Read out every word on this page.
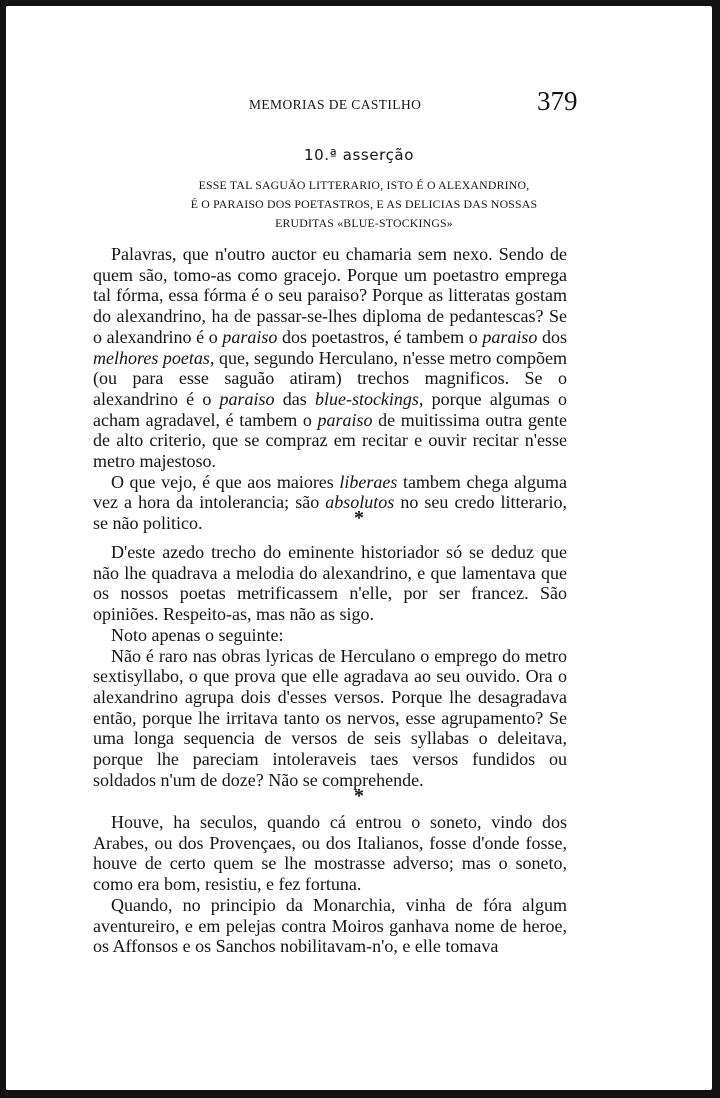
MEMORIAS DE CASTILHO	379
10.ª asserção
ESSE TAL SAGUÃO LITTERARIO, ISTO É O ALEXANDRINO,
É O PARAISO DOS POETASTROS, E AS DELICIAS DAS NOSSAS
ERUDITAS «BLUE-STOCKINGS»

Palavras, que n'outro auctor eu chamaria sem nexo. Sendo de quem são, tomo-as como gracejo. Porque um poetastro emprega tal fórma, essa fórma é o seu paraiso? Porque as litteratas gostam do alexandrino, ha de passar-se-lhes diploma de pedantescas? Se o alexandrino é o paraiso dos poetastros, é tambem o paraiso dos melhores poetas, que, segundo Herculano, n'esse metro compõem (ou para esse saguão atiram) trechos magnificos. Se o alexandrino é o paraiso das blue-stockings, porque algumas o acham agradavel, é tambem o paraiso de muitissima outra gente de alto criterio, que se compraz em recitar e ouvir recitar n'esse metro majestoso.

O que vejo, é que aos maiores liberaes tambem chega alguma vez a hora da intolerancia; são absolutos no seu credo litterario, se não politico.	*

D'este azedo trecho do eminente historiador só se deduz que não lhe quadrava a melodia do alexandrino, e que lamentava que os nossos poetas metrificassem n'elle, por ser francez. São opiniões. Respeito-as, mas não as sigo.

Noto apenas o seguinte:

Não é raro nas obras lyricas de Herculano o emprego do metro sextisyllabo, o que prova que elle agradava ao seu ouvido. Ora o alexandrino agrupa dois d'esses versos. Porque lhe desagradava então, porque lhe irritava tanto os nervos, esse agrupamento? Se uma longa sequencia de versos de seis syllabas o deleitava, porque lhe pareciam intoleraveis taes versos fundidos ou soldados n'um de doze? Não se comprehende.

*

Houve, ha seculos, quando cá entrou o soneto, vindo dos Arabes, ou dos Provençaes, ou dos Italianos, fosse d'onde fosse, houve de certo quem se lhe mostrasse adverso; mas o soneto, como era bom, resistiu, e fez fortuna.

Quando, no principio da Monarchia, vinha de fóra algum aventureiro, e em pelejas contra Moiros ganhava nome de heroe, os Affonsos e os Sanchos nobilitavam-n'o, e elle tomava
